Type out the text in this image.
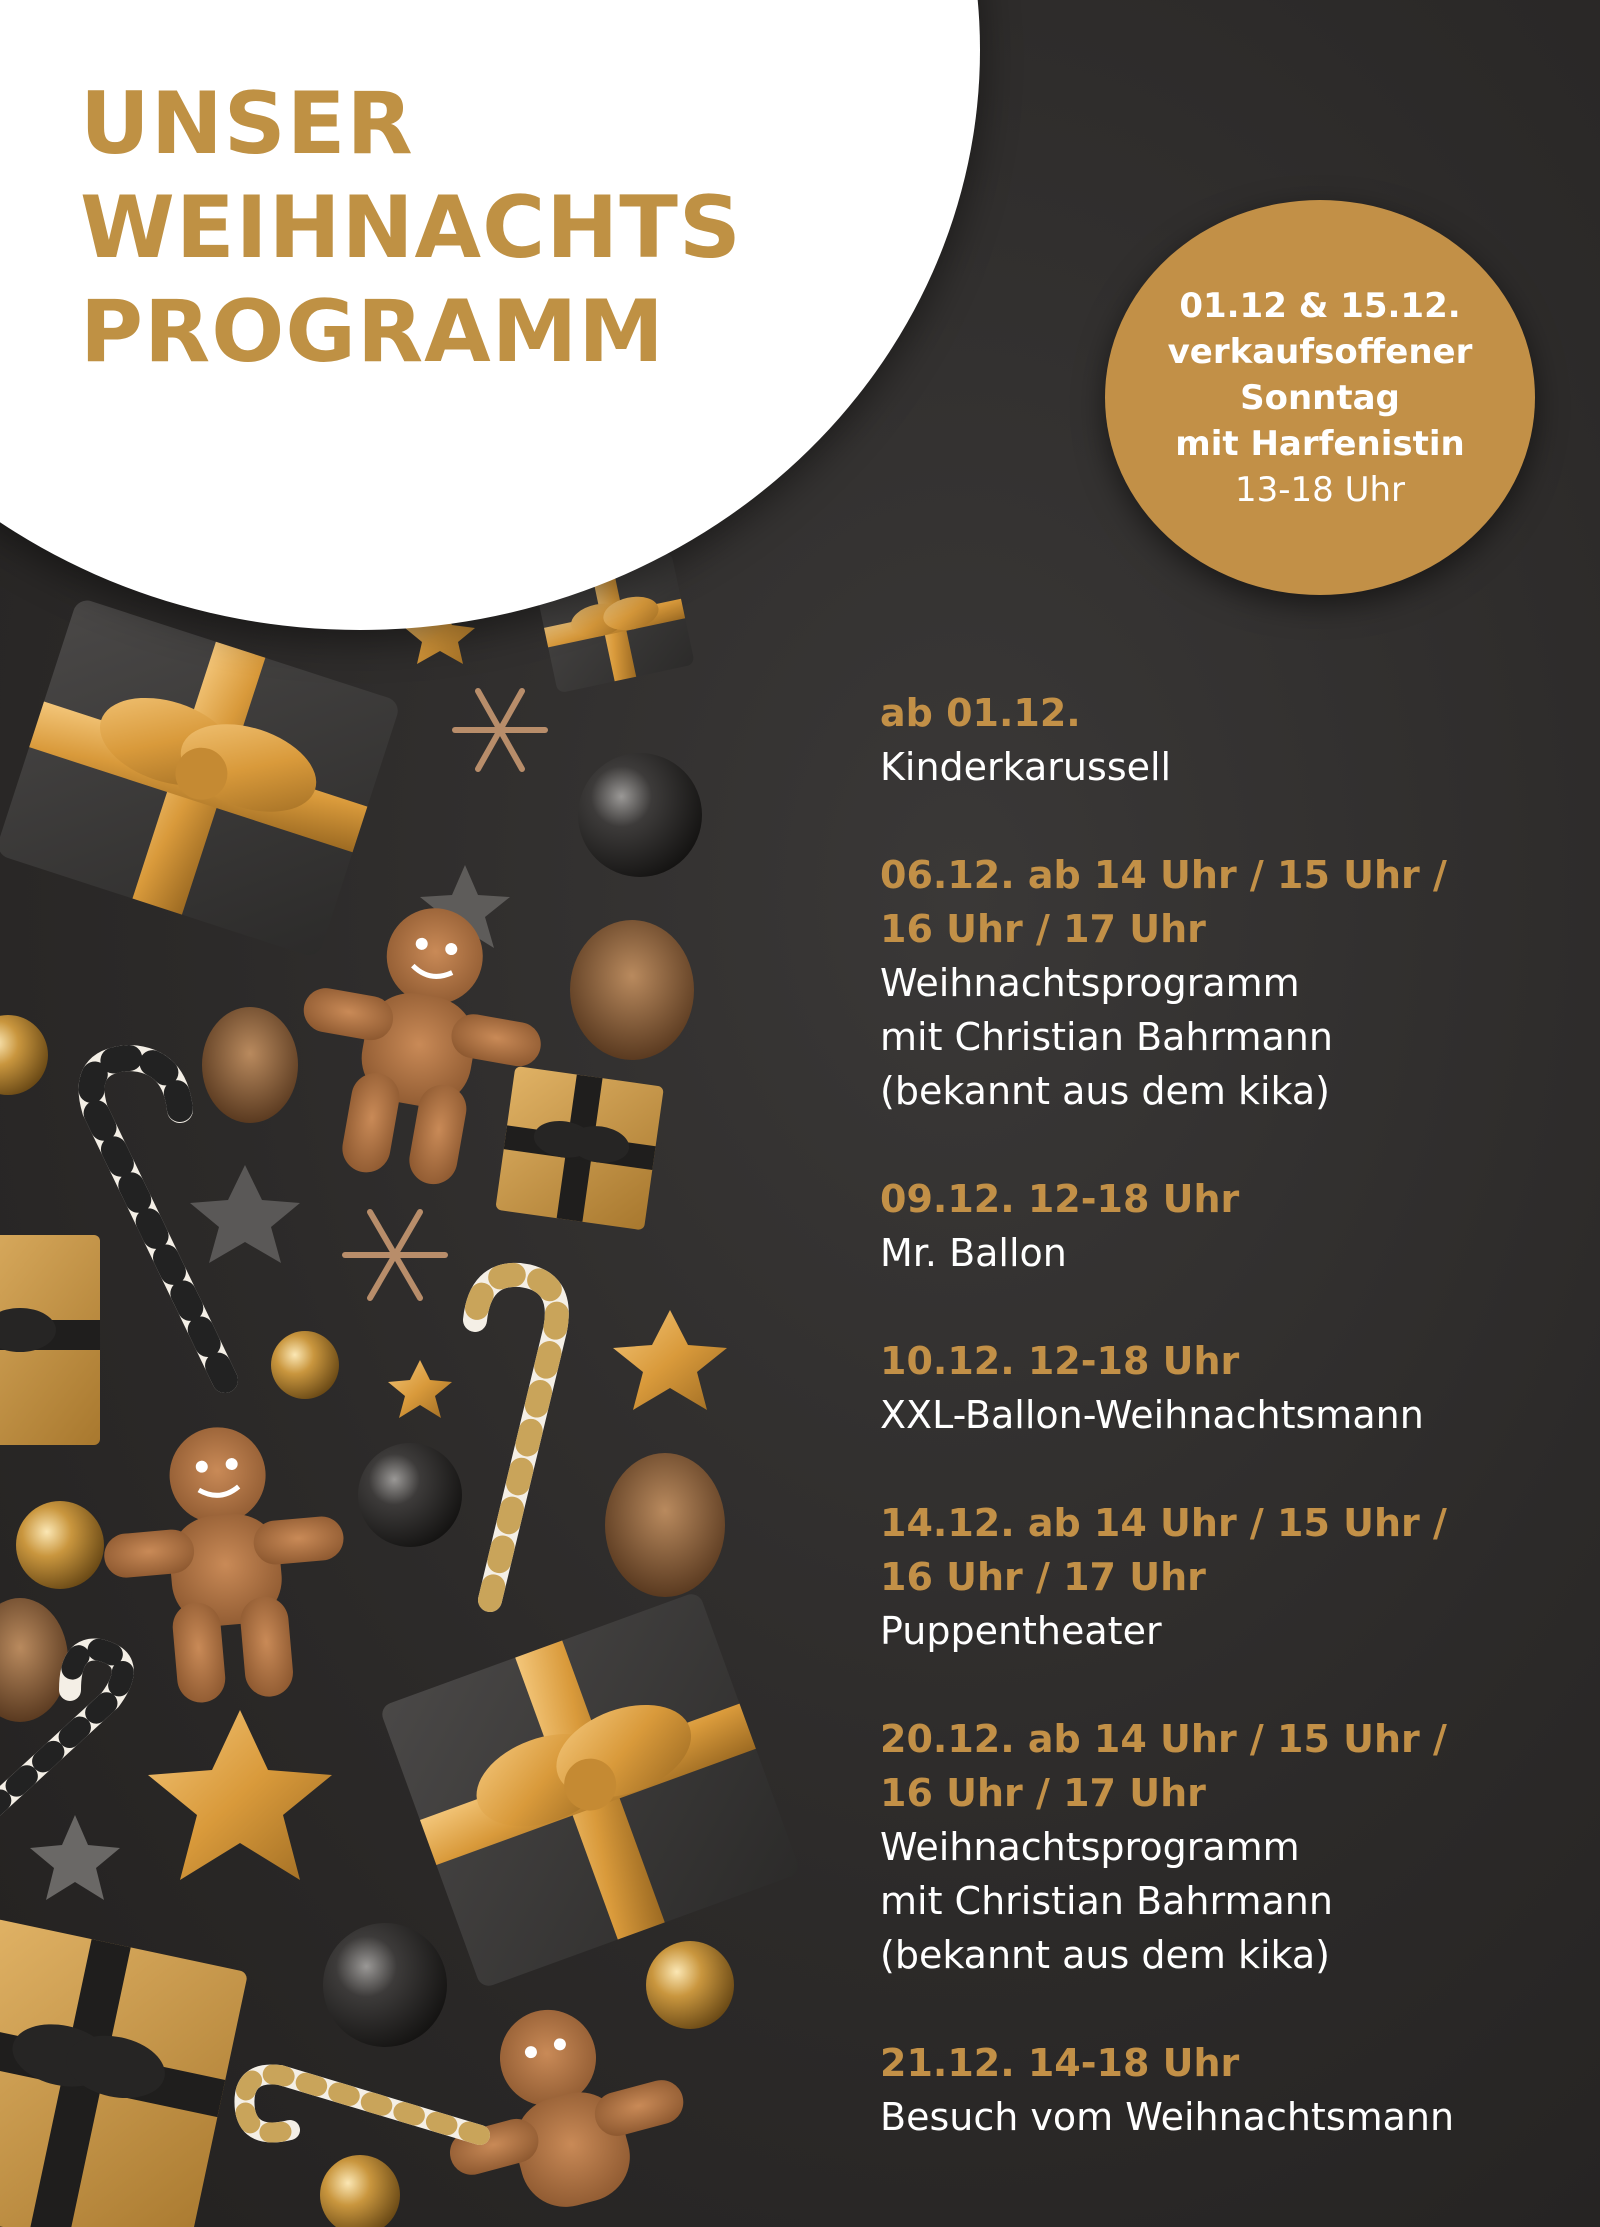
UNSER
WEIHNACHTS
PROGRAMM	01.12 & 15.12.
verkaufsoffener
Sonntag
mit Harfenistin
13-18 Uhr
ab 01.12.
Kinderkarussell
06.12. ab 14 Uhr / 15 Uhr /
16 Uhr / 17 Uhr
Weihnachtsprogramm
mit Christian Bahrmann
(bekannt aus dem kika)
09.12. 12-18 Uhr
Mr. Ballon
10.12. 12-18 Uhr
XXL-Ballon-Weihnachtsmann
14.12. ab 14 Uhr / 15 Uhr /
16 Uhr / 17 Uhr
Puppentheater
20.12. ab 14 Uhr / 15 Uhr /
16 Uhr / 17 Uhr
Weihnachtsprogramm
mit Christian Bahrmann
(bekannt aus dem kika)
21.12. 14-18 Uhr
Besuch vom Weihnachtsmann
